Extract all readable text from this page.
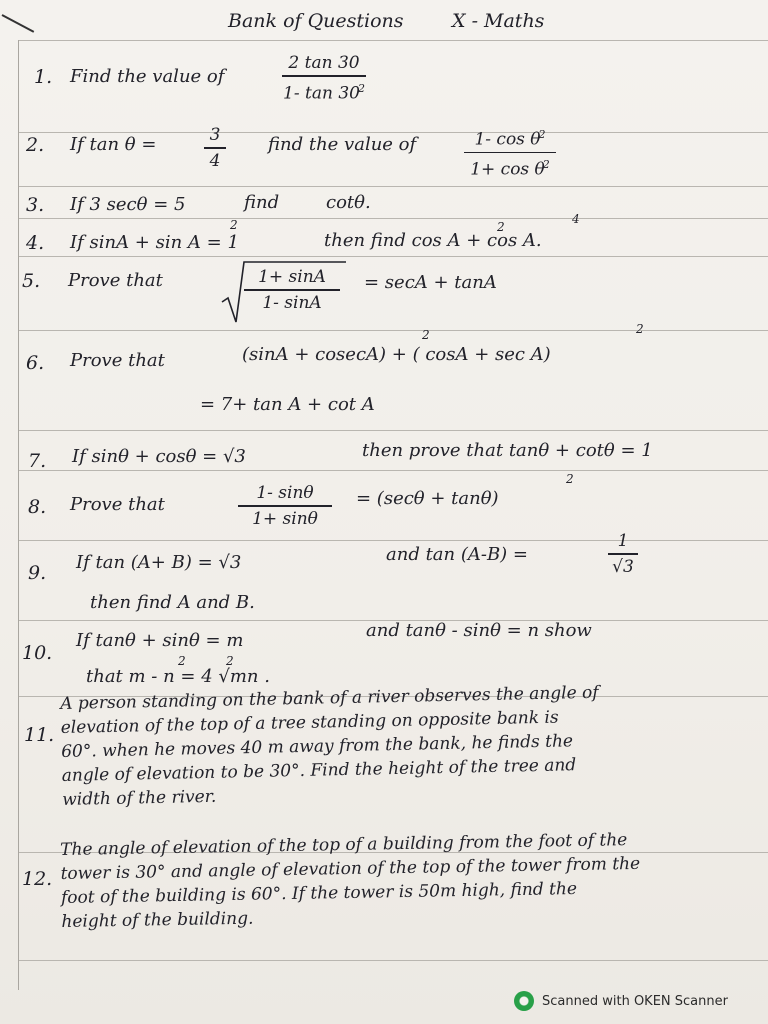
Bank of Questions	X - Maths
1. Find the value of
2 tan 30
1- $\tan 30^2$
2. If tan θ =	3
4
find the value of	1- $\cos \theta^2$
$1+ \cos \theta^2$
3. If 3 secθ = 5	find	cotθ.
4. If sinA + sin A = 1
2
then find cos A + cos A.
2
4
5. Prove that	1+ sinA
1- sinA
= secA + tanA
6. Prove that	(sinA + cosecA) + ( cosA + sec A)
2	2
= 7+ tan A + cot A
7. If sinθ + cosθ = √3	then prove that tanθ + cotθ = 1
8. Prove that
1- sinθ
1+ sinθ
= (secθ + tanθ)
2
9. If tan (A+ B) = √3	and tan (A-B) =
1
√3
then find A and B.
10.
If tanθ + sinθ = m	and tanθ - sinθ = n show
that m - n = 4 √mn .
2	2
11.
A person standing on the bank of a river observes the angle of
elevation of the top of a tree standing on opposite bank is
60°. when he moves 40 m away from the bank, he finds the
angle of elevation to be 30°. Find the height of the tree and
width of the river.
12.
The angle of elevation of the top of a building from the foot of the
tower is 30° and angle of elevation of the top of the tower from the
foot of the building is 60°. If the tower is 50m high, find the
height of the building.
Scanned with OKEN Scanner
